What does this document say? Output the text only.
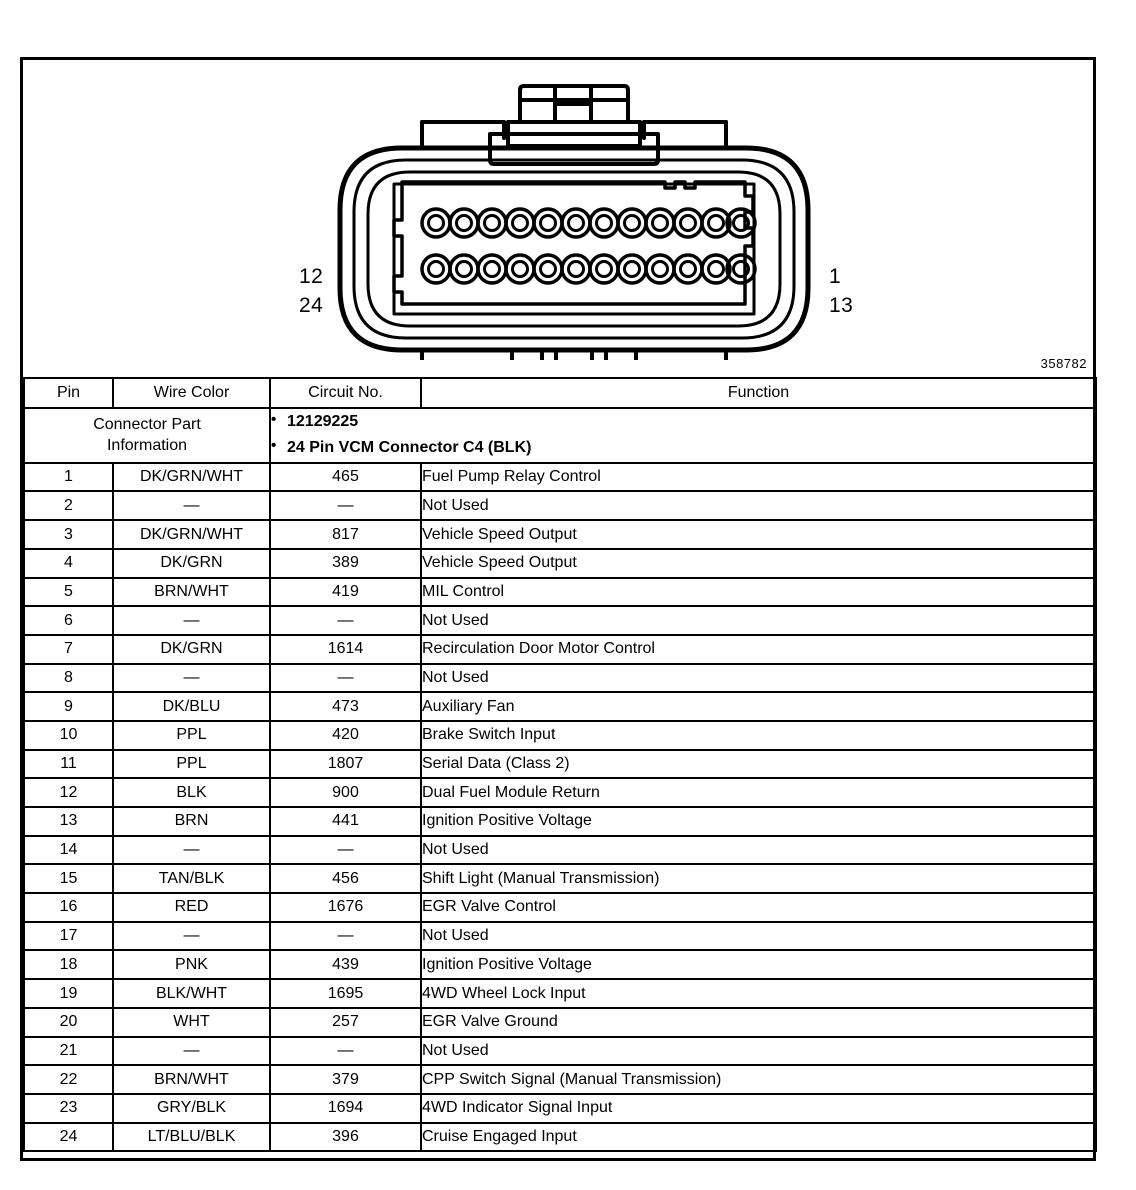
12
24
1
13
358782
Connector Part
Information	
• 12129225
• 24 Pin VCM Connector C4 (BLK)

Pin	Wire Color	Circuit No.	Function
1	DK/GRN/WHT	465	Fuel Pump Relay Control
2	—	—	Not Used
3	DK/GRN/WHT	817	Vehicle Speed Output
4	DK/GRN	389	Vehicle Speed Output
5	BRN/WHT	419	MIL Control
6	—	—	Not Used
7	DK/GRN	1614	Recirculation Door Motor Control
8	—	—	Not Used
9	DK/BLU	473	Auxiliary Fan
10	PPL	420	Brake Switch Input
11	PPL	1807	Serial Data (Class 2)
12	BLK	900	Dual Fuel Module Return
13	BRN	441	Ignition Positive Voltage
14	—	—	Not Used
15	TAN/BLK	456	Shift Light (Manual Transmission)
16	RED	1676	EGR Valve Control
17	—	—	Not Used
18	PNK	439	Ignition Positive Voltage
19	BLK/WHT	1695	4WD Wheel Lock Input
20	WHT	257	EGR Valve Ground
21	—	—	Not Used
22	BRN/WHT	379	CPP Switch Signal (Manual Transmission)
23	GRY/BLK	1694	4WD Indicator Signal Input
24	LT/BLU/BLK	396	Cruise Engaged Input
